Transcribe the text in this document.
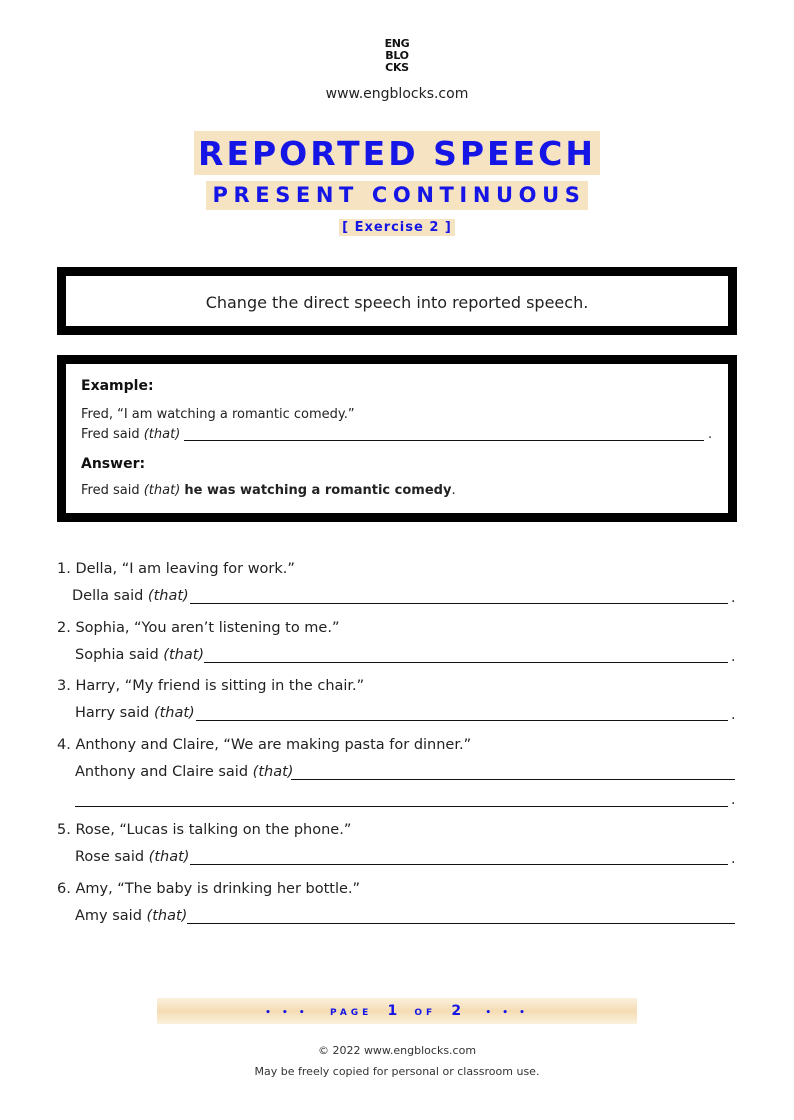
ENG
BLO
CKS
www.engblocks.com
REPORTED SPEECH
PRESENT CONTINUOUS
[ Exercise 2 ]
Change the direct speech into reported speech.
Example:
Fred, “I am watching a romantic comedy.”
Fred said (that)	.
Answer:
Fred said (that) he was watching a romantic comedy.
1. Della, “I am leaving for work.”
Della said (that)	.
2. Sophia, “You aren’t listening to me.”
Sophia said (that)	.
3. Harry, “My friend is sitting in the chair.”
Harry said (that)	.
4. Anthony and Claire, “We are making pasta for dinner.”
Anthony and Claire said (that)
.
5. Rose, “Lucas is talking on the phone.”
Rose said (that)	.
6. Amy, “The baby is drinking her bottle.”
Amy said (that)
• • • PAGE 1 OF 2 • • •
© 2022 www.engblocks.com
May be freely copied for personal or classroom use.
